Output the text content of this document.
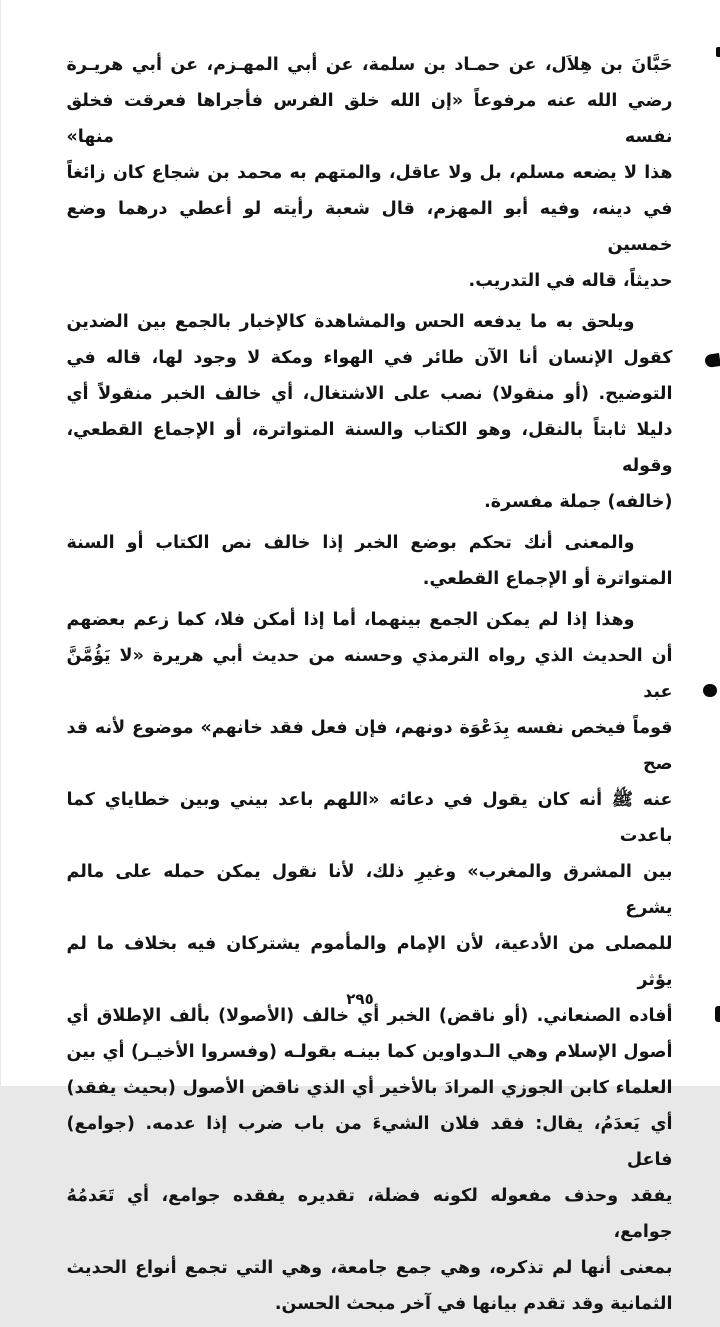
حَبَّانَ بن هِلاَل، عن حمـاد بن سلمة، عن أبي المهـزم، عن أبي هريـرة
رضي الله عنه مرفوعاً «إن الله خلق الفرس فأجراها فعرقت فخلق نفسه منها»
هذا لا يضعه مسلم، بل ولا عاقل، والمتهم به محمد بن شجاع كان زائغاً
في دينه، وفيه أبو المهزم، قال شعبة رأيته لو أعطي درهما وضع خمسين
حديثاً، قاله في التدريب.
ويلحق به ما يدفعه الحس والمشاهدة كالإخبار بالجمع بين الضدين
كقول الإنسان أنا الآن طائر في الهواء ومكة لا وجود لها، قاله في
التوضيح. (أو منقولا) نصب على الاشتغال، أي خالف الخبر منقولاً أي
دليلا ثابتاً بالنقل، وهو الكتاب والسنة المتواترة، أو الإجماع القطعي، وقوله
(خالفه) جملة مفسرة.
والمعنى أنك تحكم بوضع الخبر إذا خالف نص الكتاب أو السنة
المتواترة أو الإجماع القطعي.
وهذا إذا لم يمكن الجمع بينهما، أما إذا أمكن فلا، كما زعم بعضهم
أن الحديث الذي رواه الترمذي وحسنه من حديث أبي هريرة «لا يَؤُمَّنَّ عبد
قوماً فيخص نفسه بِدَعْوَة دونهم، فإن فعل فقد خانهم» موضوع لأنه قد صح
عنه ﷺ أنه كان يقول في دعائه «اللهم باعد بيني وبين خطاياي كما باعدت
بين المشرق والمغرب» وغيرِ ذلك، لأنا نقول يمكن حمله على مالم يشرع
للمصلى من الأدعية، لأن الإمام والمأموم يشتركان فيه بخلاف ما لم يؤثر
أفاده الصنعاني. (أو ناقض) الخبر أي خالف (الأصولا) بألف الإطلاق أي
أصول الإسلام وهي الـدواوين كما بينـه بقولـه (وفسروا الأخيـر) أي بين
العلماء كابن الجوزي المرادَ بالأخير أي الذي ناقض الأصول (بحيث يفقد)
أي يَعدَمُ، يقال: فقد فلان الشيءَ من باب ضرب إذا عدمه. (جوامع) فاعل
يفقد وحذف مفعوله لكونه فضلة، تقديره يفقده جوامع، أي تَعَدمُهُ جوامع،
بمعنى أنها لم تذكره، وهي جمع جامعة، وهي التي تجمع أنواع الحديث
الثمانية وقد تقدم بيانها في آخر مبحث الحسن.
٢٩٥
